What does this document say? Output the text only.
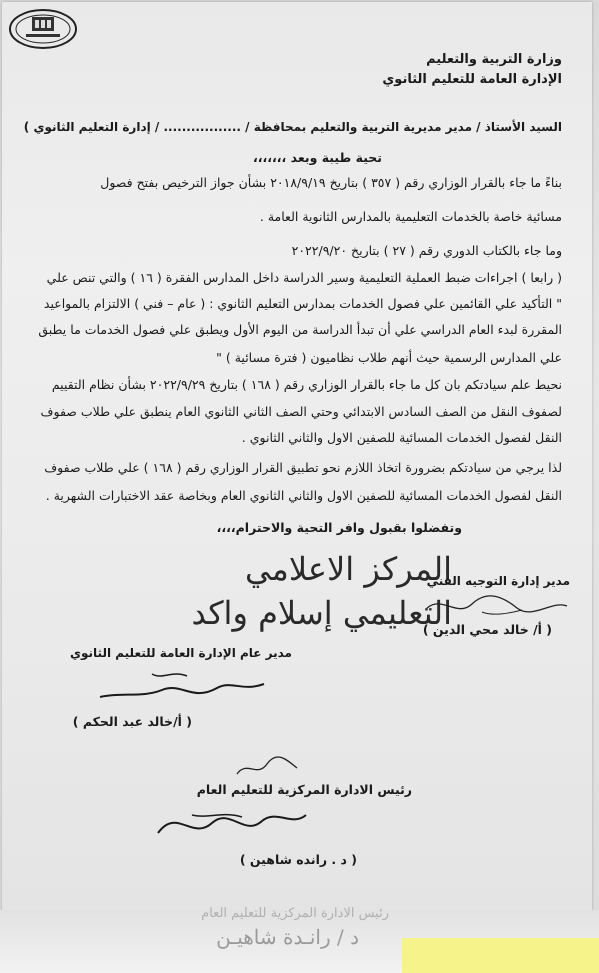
وزارة التربية والتعليم
الإدارة العامة للتعليم الثانوي
السيد الأستاذ / مدير مديرية التربية والتعليم بمحافظة / ................. / إدارة التعليم الثانوي )
تحية طيبة وبعد ،،،،،،،
بناءً ما جاء بالقرار الوزاري رقم ( ٣٥٧ ) بتاريخ ٢٠١٨/٩/١٩ بشأن جواز الترخيص بفتح فصول
مسائية خاصة بالخدمات التعليمية بالمدارس الثانوية العامة .
وما جاء بالكتاب الدوري رقم ( ٢٧ ) بتاريخ ٢٠٢٢/٩/٢٠
( رابعا ) اجراءات ضبط العملية التعليمية وسير الدراسة داخل المدارس الفقرة ( ١٦ ) والتي تنص علي
" التأكيد علي القائمين علي فصول الخدمات بمدارس التعليم الثانوي : ( عام – فني ) الالتزام بالمواعيد
المقررة لبدء العام الدراسي علي أن تبدأ الدراسة من اليوم الأول ويطبق علي فصول الخدمات ما يطبق
علي المدارس الرسمية حيث أنهم طلاب نظاميون ( فترة مسائية ) "
نحيط علم سيادتكم بان كل ما جاء بالقرار الوزاري رقم ( ١٦٨ ) بتاريخ ٢٠٢٢/٩/٢٩ بشأن نظام التقييم
لصفوف النقل من الصف السادس الابتدائي وحتي الصف الثاني الثانوي العام ينطبق علي طلاب صفوف
النقل لفصول الخدمات المسائية للصفين الاول والثاني الثانوي .
لذا يرجي من سيادتكم بضرورة اتخاذ اللازم نحو تطبيق القرار الوزاري رقم ( ١٦٨ ) علي طلاب صفوف
النقل لفصول الخدمات المسائية للصفين الاول والثاني الثانوي العام وبخاصة عقد الاختبارات الشهرية .
وتفضلوا بقبول وافر التحية والاحترام،،،،
المركز الاعلامي
التعليمي إسلام واكد
مدير إدارة التوجيه الفني
( أ/ خالد محي الدين )
مدير عام الإدارة العامة للتعليم الثانوي
( أ/خالد عبد الحكم )
رئيس الادارة المركزية للتعليم العام
( د . رانده شاهين )
رئيس الادارة المركزية للتعليم العام
د / رانـدة شاهيـن
